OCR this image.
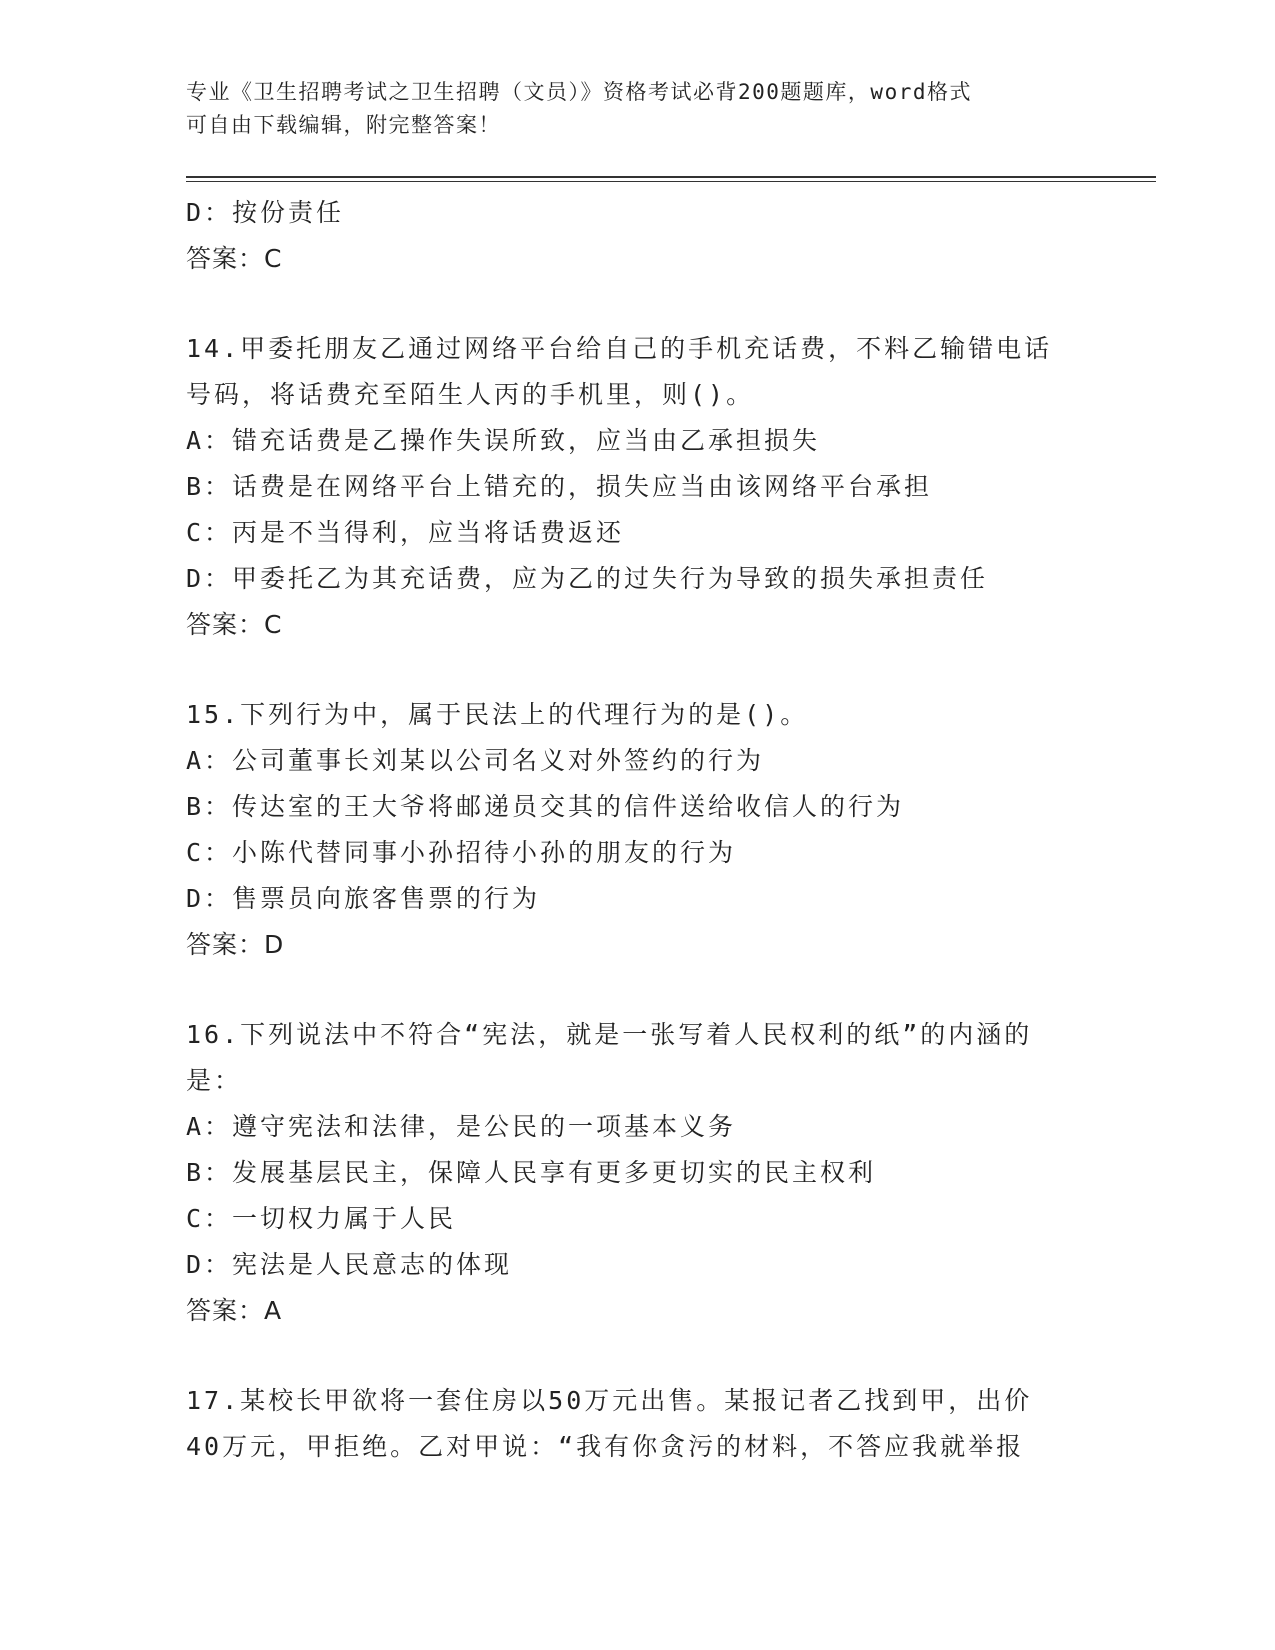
专业《卫生招聘考试之卫生招聘（文员）》资格考试必背200题题库，word格式
可自由下载编辑，附完整答案！
D：按份责任
答案：C
14.甲委托朋友乙通过网络平台给自己的手机充话费，不料乙输错电话
号码，将话费充至陌生人丙的手机里，则()。
A：错充话费是乙操作失误所致，应当由乙承担损失
B：话费是在网络平台上错充的，损失应当由该网络平台承担
C：丙是不当得利，应当将话费返还
D：甲委托乙为其充话费，应为乙的过失行为导致的损失承担责任
答案：C
15.下列行为中，属于民法上的代理行为的是()。
A：公司董事长刘某以公司名义对外签约的行为
B：传达室的王大爷将邮递员交其的信件送给收信人的行为
C：小陈代替同事小孙招待小孙的朋友的行为
D：售票员向旅客售票的行为
答案：D
16.下列说法中不符合“宪法，就是一张写着人民权利的纸”的内涵的
是：
A：遵守宪法和法律，是公民的一项基本义务
B：发展基层民主，保障人民享有更多更切实的民主权利
C：一切权力属于人民
D：宪法是人民意志的体现
答案：A
17.某校长甲欲将一套住房以50万元出售。某报记者乙找到甲，出价
40万元，甲拒绝。乙对甲说：“我有你贪污的材料，不答应我就举报
